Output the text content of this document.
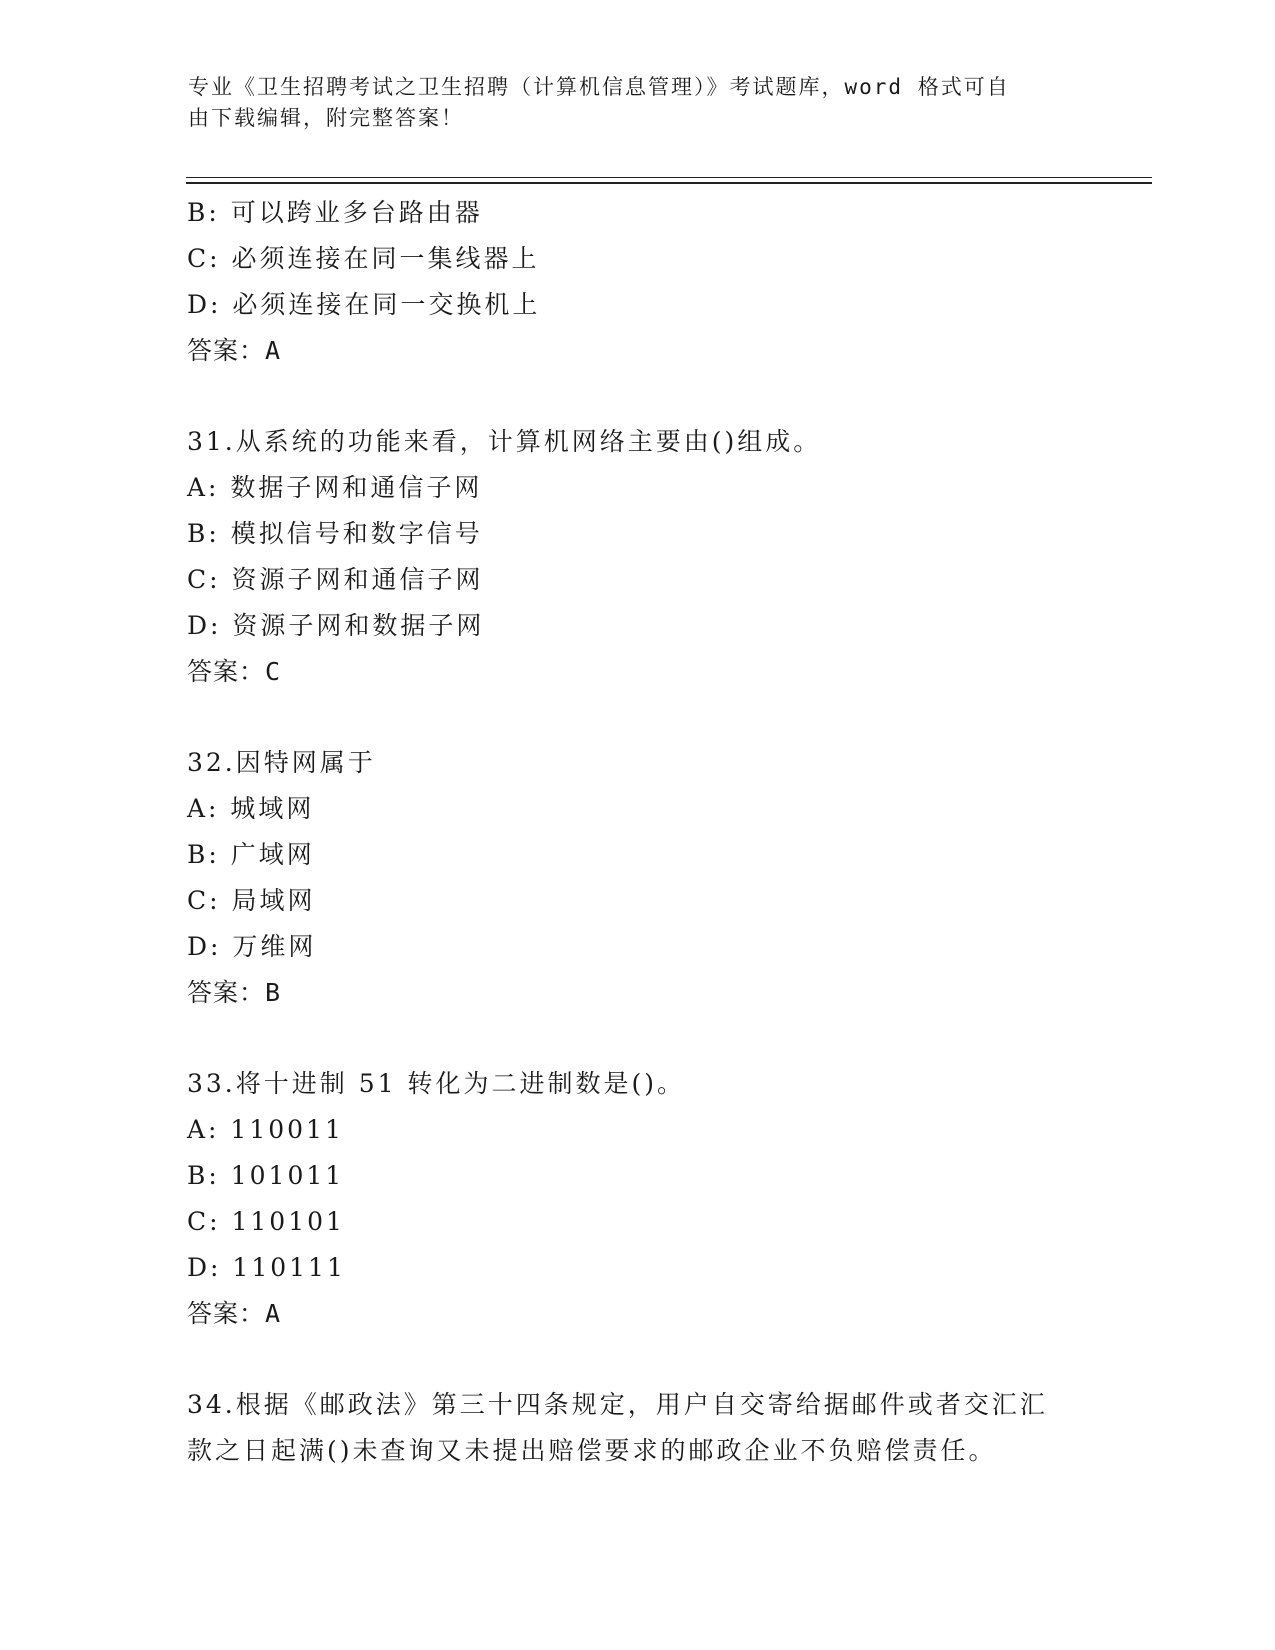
专业《卫生招聘考试之卫生招聘（计算机信息管理）》考试题库，word 格式可自
由下载编辑，附完整答案！
B: 可以跨业多台路由器
C: 必须连接在同一集线器上
D: 必须连接在同一交换机上
答案：A
31.从系统的功能来看，计算机网络主要由()组成。
A: 数据子网和通信子网
B: 模拟信号和数字信号
C: 资源子网和通信子网
D: 资源子网和数据子网
答案：C
32.因特网属于
A: 城域网
B: 广域网
C: 局域网
D: 万维网
答案：B
33.将十进制 51 转化为二进制数是()。
A: 110011
B: 101011
C: 110101
D: 110111
答案：A
34.根据《邮政法》第三十四条规定，用户自交寄给据邮件或者交汇汇
款之日起满()未查询又未提出赔偿要求的邮政企业不负赔偿责任。
